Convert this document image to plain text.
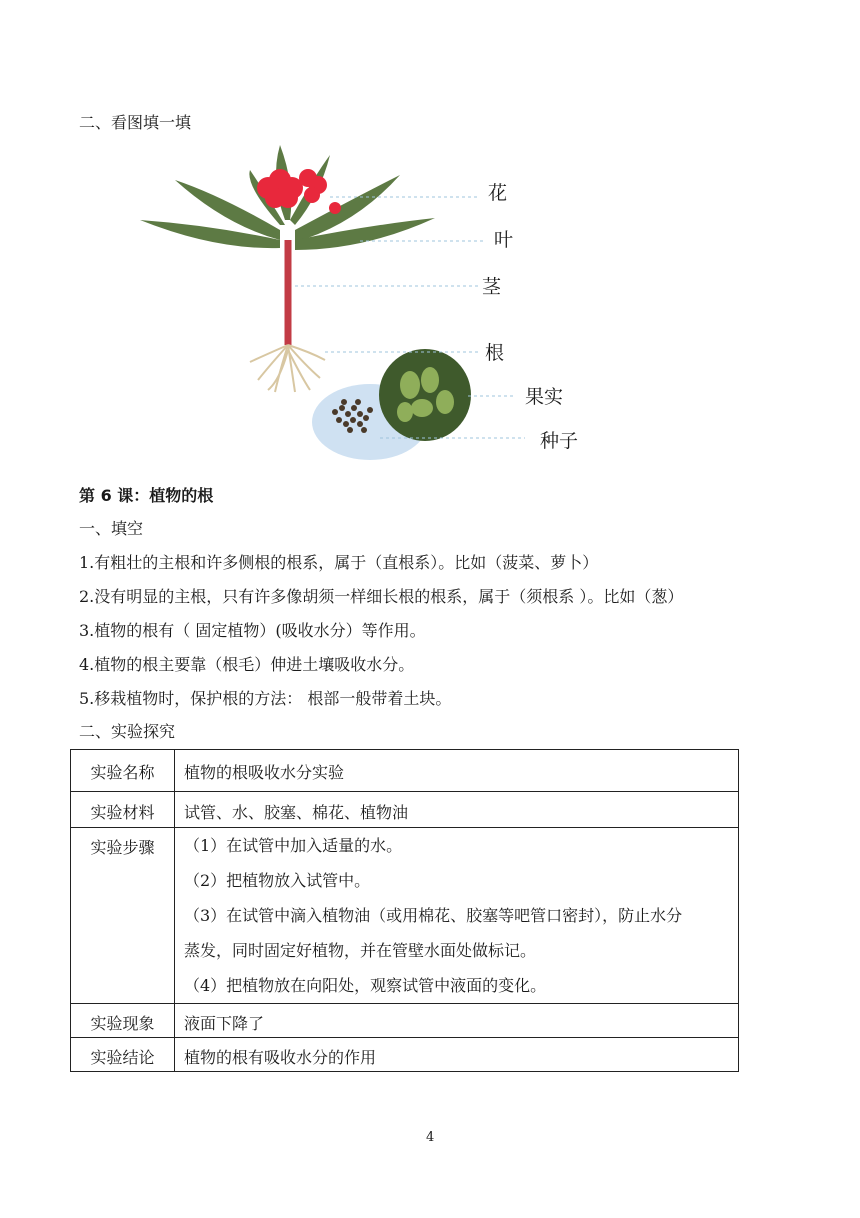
二、看图填一填
花
叶
茎
根
果实
种子
第 6 课：植物的根
一、填空
1.有粗壮的主根和许多侧根的根系，属于（直根系）。比如（菠菜、萝卜）
2.没有明显的主根，只有许多像胡须一样细长根的根系，属于（须根系 ）。比如（葱）
3.植物的根有（ 固定植物）(吸收水分）等作用。
4.植物的根主要靠（根毛）伸进土壤吸收水分。
5.移栽植物时，保护根的方法： 根部一般带着土块。
二、实验探究
实验名称	植物的根吸收水分实验
实验材料	试管、水、胶塞、棉花、植物油
实验步骤	（1）在试管中加入适量的水。
（2）把植物放入试管中。
（3）在试管中滴入植物油（或用棉花、胶塞等吧管口密封），防止水分
蒸发，同时固定好植物，并在管壁水面处做标记。
（4）把植物放在向阳处，观察试管中液面的变化。

实验现象	液面下降了
实验结论	植物的根有吸收水分的作用
4
